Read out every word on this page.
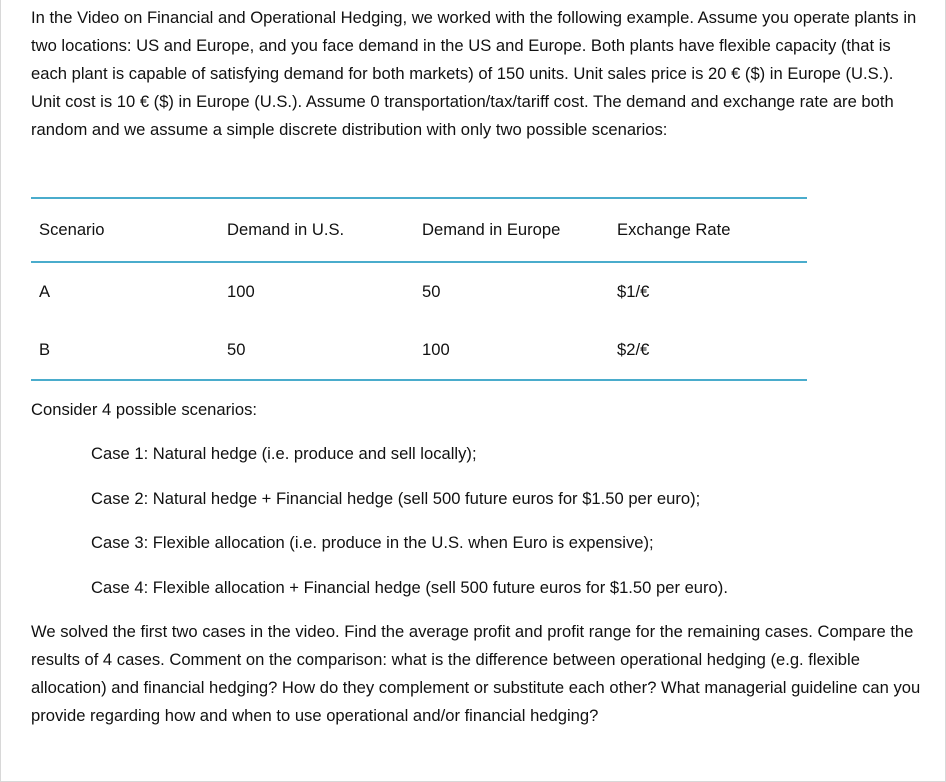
In the Video on Financial and Operational Hedging, we worked with the following example. Assume you operate plants in two locations: US and Europe, and you face demand in the US and Europe. Both plants have flexible capacity (that is each plant is capable of satisfying demand for both markets) of 150 units. Unit sales price is 20 € ($) in Europe (U.S.). Unit cost is 10 € ($) in Europe (U.S.). Assume 0 transportation/tax/tariff cost. The demand and exchange rate are both random and we assume a simple discrete distribution with only two possible scenarios:

Scenario	Demand in U.S.	Demand in Europe	Exchange Rate
A	100	50	$1/€
B	50	100	$2/€

Consider 4 possible scenarios:

Case 1: Natural hedge (i.e. produce and sell locally);
Case 2: Natural hedge + Financial hedge (sell 500 future euros for $1.50 per euro);
Case 3: Flexible allocation (i.e. produce in the U.S. when Euro is expensive);
Case 4: Flexible allocation + Financial hedge (sell 500 future euros for $1.50 per euro).

We solved the first two cases in the video. Find the average profit and profit range for the remaining cases. Compare the results of 4 cases. Comment on the comparison: what is the difference between operational hedging (e.g. flexible allocation) and financial hedging? How do they complement or substitute each other? What managerial guideline can you provide regarding how and when to use operational and/or financial hedging?
